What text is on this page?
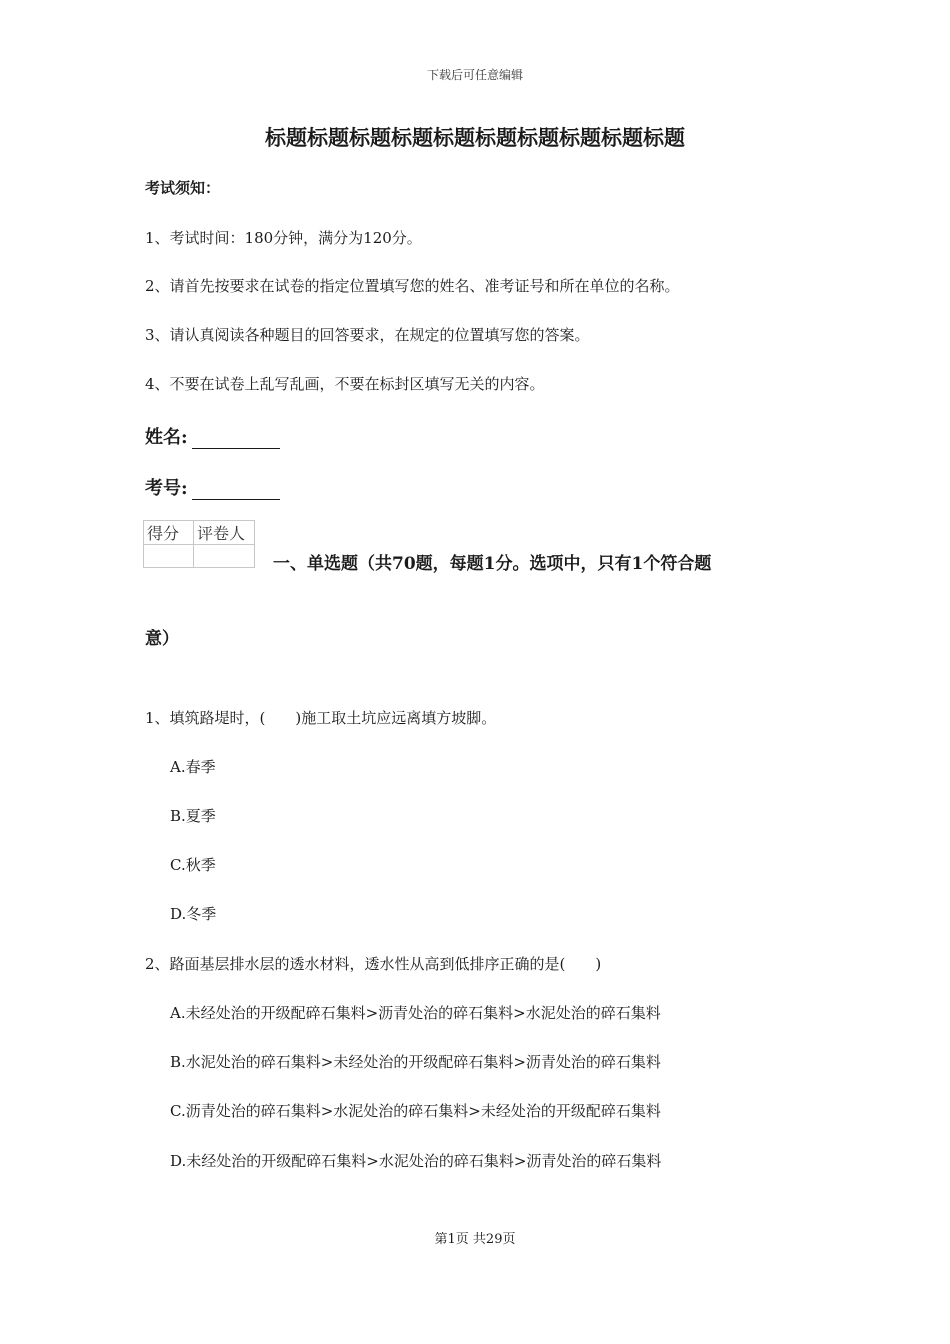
下载后可任意编辑
标题标题标题标题标题标题标题标题标题标题
考试须知：
1、考试时间：180分钟，满分为120分。
2、请首先按要求在试卷的指定位置填写您的姓名、准考证号和所在单位的名称。
3、请认真阅读各种题目的回答要求，在规定的位置填写您的答案。
4、不要在试卷上乱写乱画，不要在标封区填写无关的内容。
姓名:
考号:
得分	评卷人

一、单选题（共70题，每题1分。选项中，只有1个符合题
意）
1、填筑路堤时，(　　)施工取土坑应远离填方坡脚。
A.春季
B.夏季
C.秋季
D.冬季
2、路面基层排水层的透水材料，透水性从高到低排序正确的是(　　)
A.未经处治的开级配碎石集料>沥青处治的碎石集料>水泥处治的碎石集料
B.水泥处治的碎石集料>未经处治的开级配碎石集料>沥青处治的碎石集料
C.沥青处治的碎石集料>水泥处治的碎石集料>未经处治的开级配碎石集料
D.未经处治的开级配碎石集料>水泥处治的碎石集料>沥青处治的碎石集料
第1页 共29页
